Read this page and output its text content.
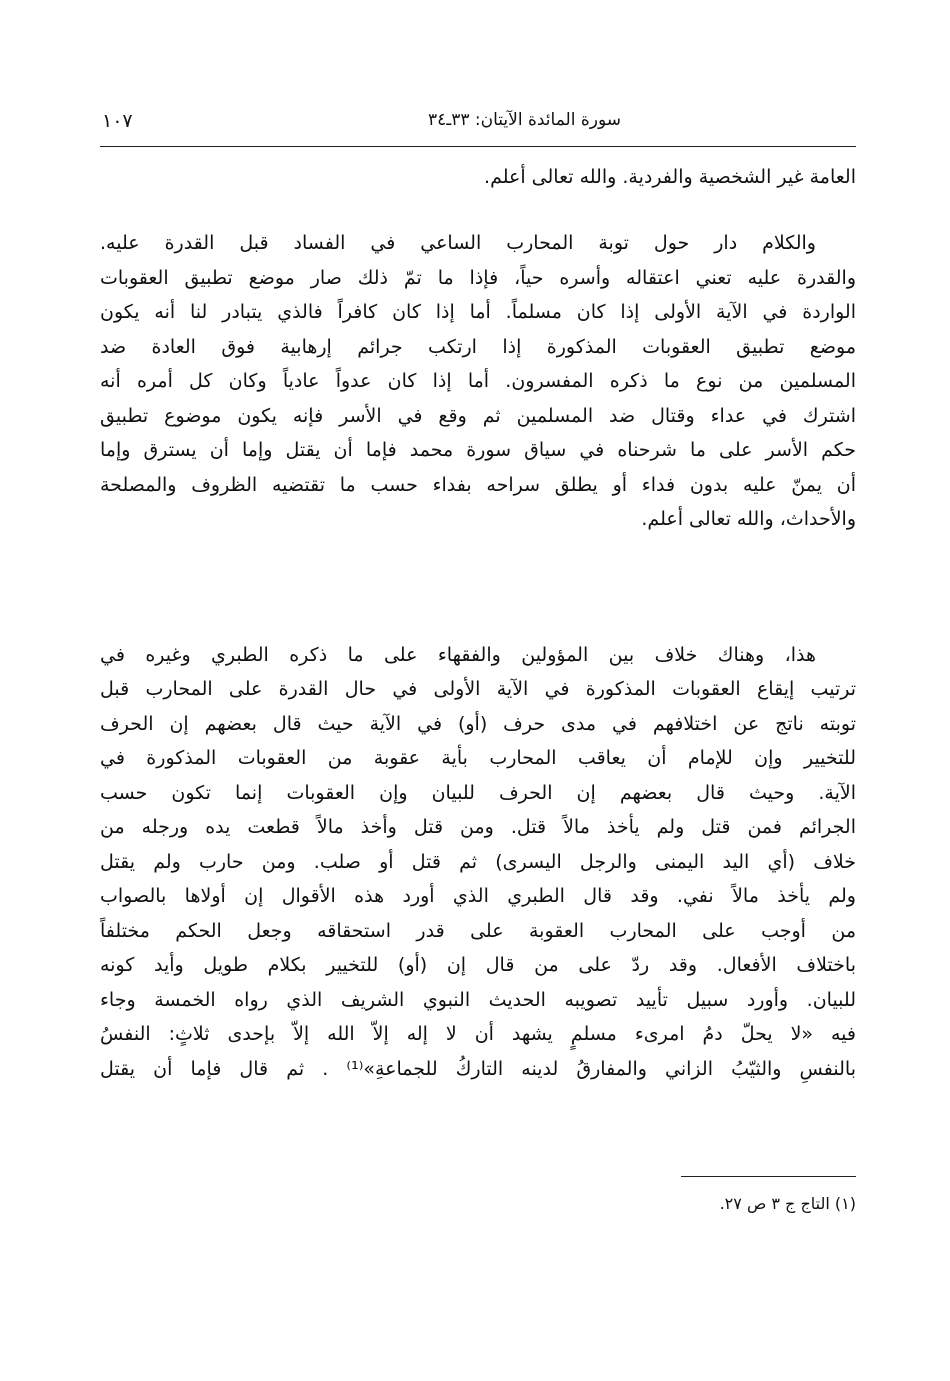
سورة المائدة الآيتان: ٣٣ـ٣٤
١٠٧
العامة غير الشخصية والفردية. والله تعالى أعلم.
والكلام دار حول توبة المحارب الساعي في الفساد قبل القدرة عليه.
والقدرة عليه تعني اعتقاله وأسره حياً، فإذا ما تمّ ذلك صار موضع تطبيق العقوبات
الواردة في الآية الأولى إذا كان مسلماً. أما إذا كان كافراً فالذي يتبادر لنا أنه يكون
موضع تطبيق العقوبات المذكورة إذا ارتكب جرائم إرهابية فوق العادة ضد
المسلمين من نوع ما ذكره المفسرون. أما إذا كان عدواً عادياً وكان كل أمره أنه
اشترك في عداء وقتال ضد المسلمين ثم وقع في الأسر فإنه يكون موضوع تطبيق
حكم الأسر على ما شرحناه في سياق سورة محمد فإما أن يقتل وإما أن يسترق وإما
أن يمنّ عليه بدون فداء أو يطلق سراحه بفداء حسب ما تقتضيه الظروف والمصلحة
والأحداث، والله تعالى أعلم.
هذا، وهناك خلاف بين المؤولين والفقهاء على ما ذكره الطبري وغيره في
ترتيب إيقاع العقوبات المذكورة في الآية الأولى في حال القدرة على المحارب قبل
توبته ناتج عن اختلافهم في مدى حرف (أو) في الآية حيث قال بعضهم إن الحرف
للتخيير وإن للإمام أن يعاقب المحارب بأية عقوبة من العقوبات المذكورة في
الآية. وحيث قال بعضهم إن الحرف للبيان وإن العقوبات إنما تكون حسب
الجرائم فمن قتل ولم يأخذ مالاً قتل. ومن قتل وأخذ مالاً قطعت يده ورجله من
خلاف (أي اليد اليمنى والرجل اليسرى) ثم قتل أو صلب. ومن حارب ولم يقتل
ولم يأخذ مالاً نفي. وقد قال الطبري الذي أورد هذه الأقوال إن أولاها بالصواب
من أوجب على المحارب العقوبة على قدر استحقاقه وجعل الحكم مختلفاً
باختلاف الأفعال. وقد ردّ على من قال إن (أو) للتخيير بكلام طويل وأيد كونه
للبيان. وأورد سبيل تأييد تصويبه الحديث النبوي الشريف الذي رواه الخمسة وجاء
فيه «لا يحلّ دمُ امرىء مسلمٍ يشهد أن لا إله إلاّ الله إلاّ بإحدى ثلاثٍ: النفسُ
بالنفسِ والثيّبُ الزاني والمفارقُ لدينه التاركُ للجماعةِ»⁽¹⁾ . ثم قال فإما أن يقتل
(١) التاج ج ٣ ص ٢٧.
